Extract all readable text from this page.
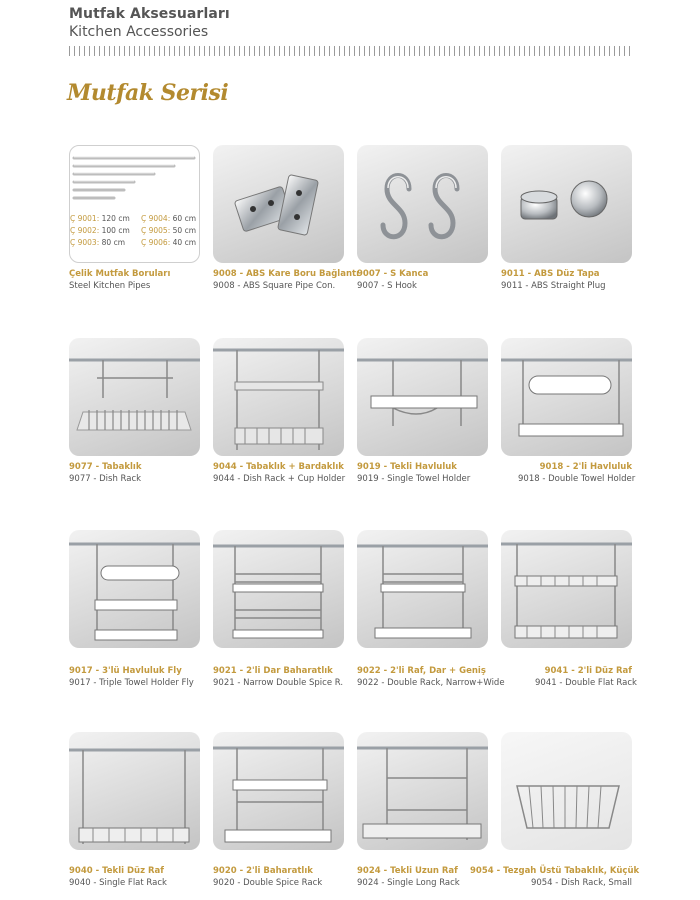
Mutfak Aksesuarları
Kitchen Accessories
Mutfak Serisi
Ç 9001: 120 cm Ç 9004: 60 cm
Ç 9002: 100 cm Ç 9005: 50 cm
Ç 9003: 80 cm Ç 9006: 40 cm
Çelik Mutfak Boruları
Steel Kitchen Pipes
9008 - ABS Kare Boru Bağlantı
9008 - ABS Square Pipe Con.
9007 - S Kanca
9007 - S Hook
9011 - ABS Düz Tapa
9011 - ABS Straight Plug
9077 - Tabaklık
9077 - Dish Rack
9044 - Tabaklık + Bardaklık
9044 - Dish Rack + Cup Holder
9019 - Tekli Havluluk
9019 - Single Towel Holder
9018 - 2'li Havluluk
9018 - Double Towel Holder
9017 - 3'lü Havluluk Fly
9017 - Triple Towel Holder Fly
9021 - 2'li Dar Baharatlık
9021 - Narrow Double Spice R.
9022 - 2'li Raf, Dar + Geniş
9022 - Double Rack, Narrow+Wide
9041 - 2'li Düz Raf
9041 - Double Flat Rack
9040 - Tekli Düz Raf
9040 - Single Flat Rack
9020 - 2'li Baharatlık
9020 - Double Spice Rack
9024 - Tekli Uzun Raf
9024 - Single Long Rack
9054 - Tezgah Üstü Tabaklık, Küçük
9054 - Dish Rack, Small
